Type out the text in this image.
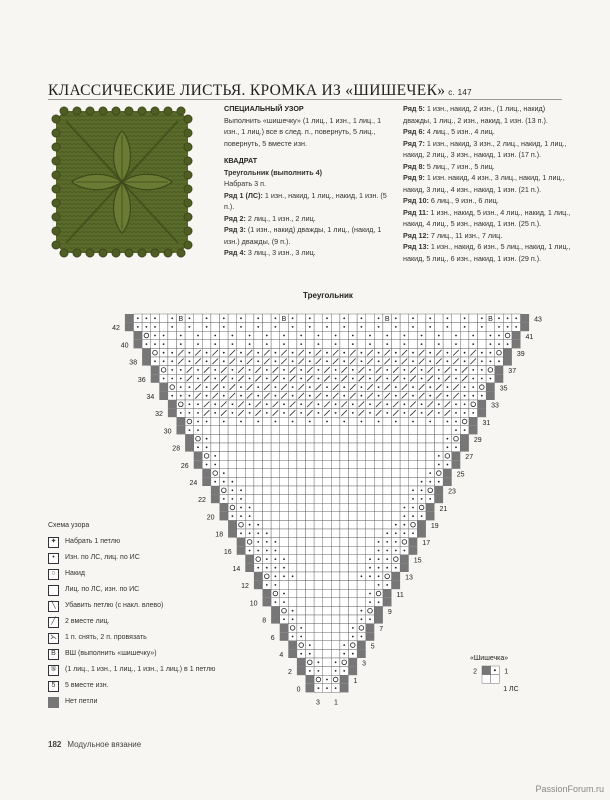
КЛАССИЧЕСКИЕ ЛИСТЬЯ. КРОМКА ИЗ «ШИШЕЧЕК» с. 147
СПЕЦИАЛЬНЫЙ УЗОР
Выполнить «шишечку» (1 лиц., 1 изн., 1 лиц., 1 изн., 1 лиц.) все в след. п., повернуть, 5 лиц., повернуть, 5 вместе изн.
КВАДРАТ
Треугольник (выполнить 4)
Набрать 3 п.
Ряд 1 (ЛС): 1 изн., накид, 1 лиц., накид, 1 изн. (5 п.).
Ряд 2: 2 лиц., 1 изн., 2 лиц.
Ряд 3: (1 изн., накид) дважды, 1 лиц., (накид, 1 изн.) дважды, (9 п.).
Ряд 4: 3 лиц., 3 изн., 3 лиц.
Ряд 5: 1 изн., накид, 2 изн., (1 лиц., накид) дважды, 1 лиц., 2 изн., накид, 1 изн. (13 п.).
Ряд 6: 4 лиц., 5 изн., 4 лиц.
Ряд 7: 1 изн., накид, 3 изн., 2 лиц., накид, 1 лиц., накид, 2 лиц., 3 изн., накид, 1 изн. (17 п.).
Ряд 8: 5 лиц., 7 изн., 5 лиц.
Ряд 9: 1 изн. накид, 4 изн., 3 лиц., накид, 1 лиц., накид, 3 лиц., 4 изн., накид, 1 изн. (21 п.).
Ряд 10: 6 лиц., 9 изн., 6 лиц.
Ряд 11: 1 изн., накид, 5 изн., 4 лиц., накид, 1 лиц., накид, 4 лиц., 5 изн., накид, 1 изн. (25 п.).
Ряд 12: 7 лиц., 11 изн., 7 лиц.
Ряд 13: 1 изн., накид, 6 изн., 5 лиц., накид, 1 лиц., накид, 5 лиц., 6 изн., накид, 1 изн. (29 п.).
Треугольник
В	В	В	В	43
42
41
40
39
38
37
36
35
34
33
32
31
30
29
28
27
26
25
24
23
22
21
20
19
18
17
16
15
14
13
12
11
10
9
8
7
6
5
4
3
2
1
0
3 1
2	1
1 ЛС
Схема узора
✦	Набрать 1 петлю
•	Изн. по ЛС, лиц. по ИС
○	Накид
Лиц. по ЛС, изн. по ИС
╲	Убавить петлю (с накл. влево)
╱	2 вместе лиц.
⋋ 1 п. снять, 2 п. провязать
В	ВШ (выполнить «шишечку»)
⑤	(1 лиц., 1 изн., 1 лиц., 1 изн., 1 лиц.) в 1 петлю
5	5 вместе изн.
Нет петли
«Шишечка»
182 Модульное вязание
PassionForum.ru
